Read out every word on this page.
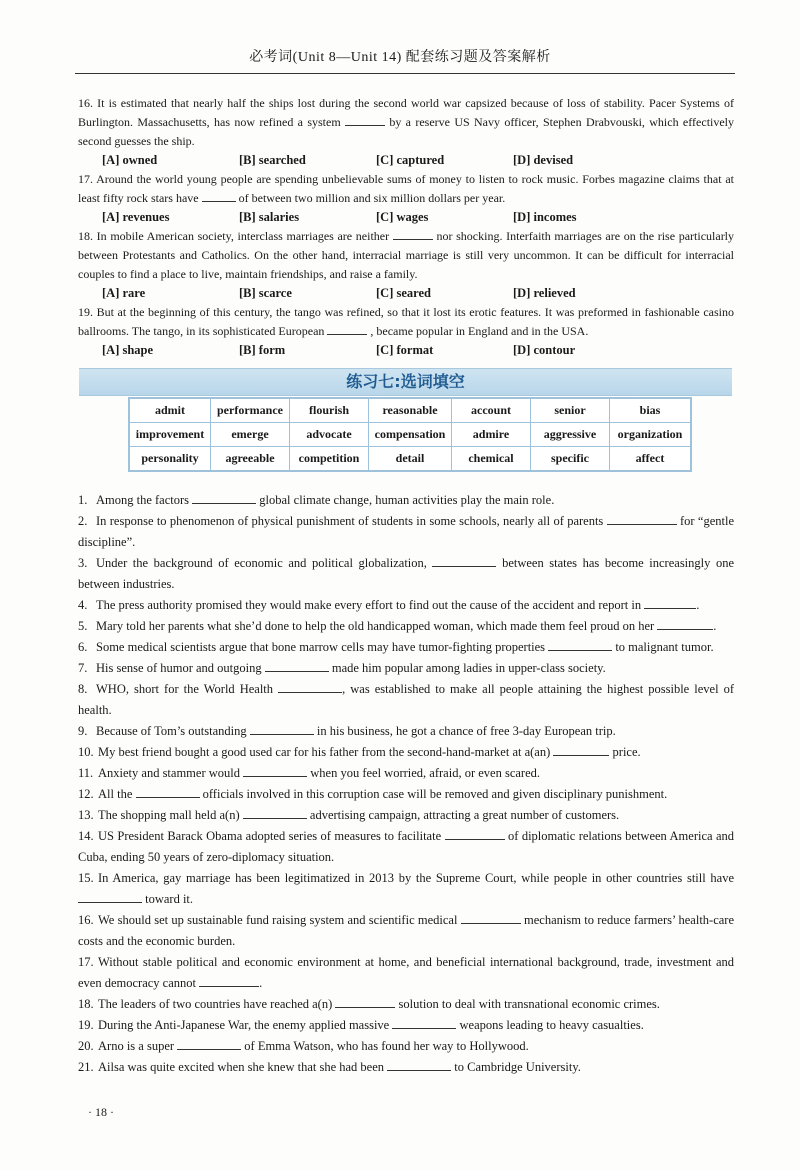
必考词(Unit 8—Unit 14) 配套练习题及答案解析
16. It is estimated that nearly half the ships lost during the second world war capsized because of loss of stability. Pacer Systems of Burlington. Massachusetts, has now refined a system	by a reserve US Navy officer, Stephen Drabvouski, which effectively second guesses the ship.
[A] owned	[B] searched	[C] captured	[D] devised
17. Around the world young people are spending unbelievable sums of money to listen to rock music. Forbes magazine claims that at least fifty rock stars have	of between two million and six million dollars per year.
[A] revenues	[B] salaries	[C] wages	[D] incomes
18. In mobile American society, interclass marriages are neither	nor shocking. Interfaith marriages are on the rise particularly between Protestants and Catholics. On the other hand, interracial marriage is still very uncommon. It can be difficult for interracial couples to find a place to live, maintain friendships, and raise a family.
[A] rare	[B] scarce	[C] seared	[D] relieved
19. But at the beginning of this century, the tango was refined, so that it lost its erotic features. It was preformed in fashionable casino ballrooms. The tango, in its sophisticated European	, became popular in England and in the USA.
[A] shape	[B] form	[C] format	[D] contour
练习七:选词填空
admit	performance	flourish	reasonable	account	senior	bias
improvement	emerge	advocate	compensation	admire	aggressive	organization
personality	agreeable	competition	detail	chemical	specific	affect
1. Among the factors	global climate change, human activities play the main role.
2. In response to phenomenon of physical punishment of students in some schools, nearly all of parents	for “gentle discipline”.
3. Under the background of economic and political globalization,	between states has become increasingly one between industries.
4. The press authority promised they would make every effort to find out the cause of the accident and report in	.
5. Mary told her parents what she’d done to help the old handicapped woman, which made them feel proud on her	.
6. Some medical scientists argue that bone marrow cells may have tumor-fighting properties	to malignant tumor.
7. His sense of humor and outgoing	made him popular among ladies in upper-class society.
8. WHO, short for the World Health	, was established to make all people attaining the highest possible level of health.
9. Because of Tom’s outstanding	in his business, he got a chance of free 3-day European trip.
10. My best friend bought a good used car for his father from the second-hand-market at a(an)	price.
11. Anxiety and stammer would	when you feel worried, afraid, or even scared.
12. All the	officials involved in this corruption case will be removed and given disciplinary punishment.
13. The shopping mall held a(n)	advertising campaign, attracting a great number of customers.
14. US President Barack Obama adopted series of measures to facilitate	of diplomatic relations between America and Cuba, ending 50 years of zero-diplomacy situation.
15. In America, gay marriage has been legitimatized in 2013 by the Supreme Court, while people in other countries still have  toward it.
16. We should set up sustainable fund raising system and scientific medical	mechanism to reduce farmers’ health-care costs and the economic burden.
17. Without stable political and economic environment at home, and beneficial international background, trade, investment and even democracy cannot	.
18. The leaders of two countries have reached a(n)	solution to deal with transnational economic crimes.
19. During the Anti-Japanese War, the enemy applied massive	weapons leading to heavy casualties.
20. Arno is a super	of Emma Watson, who has found her way to Hollywood.
21. Ailsa was quite excited when she knew that she had been	to Cambridge University.
· 18 ·
